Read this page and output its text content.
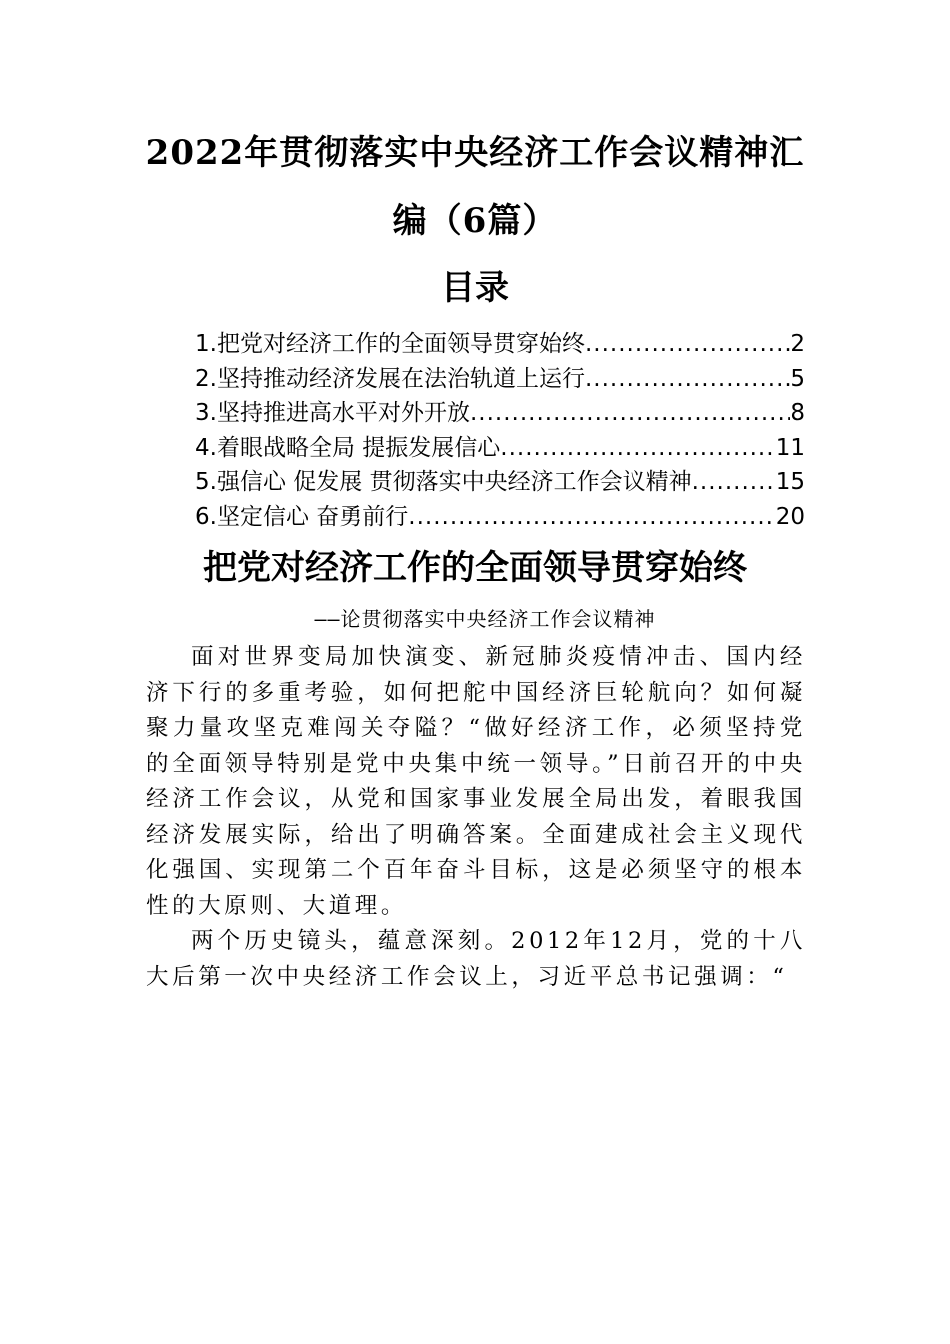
2022年贯彻落实中央经济工作会议精神汇
编（6篇）
目录
1.把党对经济工作的全面领导贯穿始终 .....	2
2.坚持推动经济发展在法治轨道上运行 .....	5
3.坚持推进高水平对外开放 .....	8
4.着眼战略全局 提振发展信心 .....	11
5.强信心 促发展 贯彻落实中央经济工作会议精神 .....	15
6.坚定信心 奋勇前行 .....	20
把党对经济工作的全面领导贯穿始终
——论贯彻落实中央经济工作会议精神

面对世界变局加快演变、新冠肺炎疫情冲击、国内经济下行的多重考验，如何把舵中国经济巨轮航向？如何凝聚力量攻坚克难闯关夺隘？“做好经济工作，必须坚持党的全面领导特别是党中央集中统一领导。”日前召开的中央经济工作会议，从党和国家事业发展全局出发，着眼我国经济发展实际，给出了明确答案。全面建成社会主义现代化强国、实现第二个百年奋斗目标，这是必须坚守的根本性的大原则、大道理。

两个历史镜头，蕴意深刻。2012年12月，党的十八大后第一次中央经济工作会议上，习近平总书记强调：“
